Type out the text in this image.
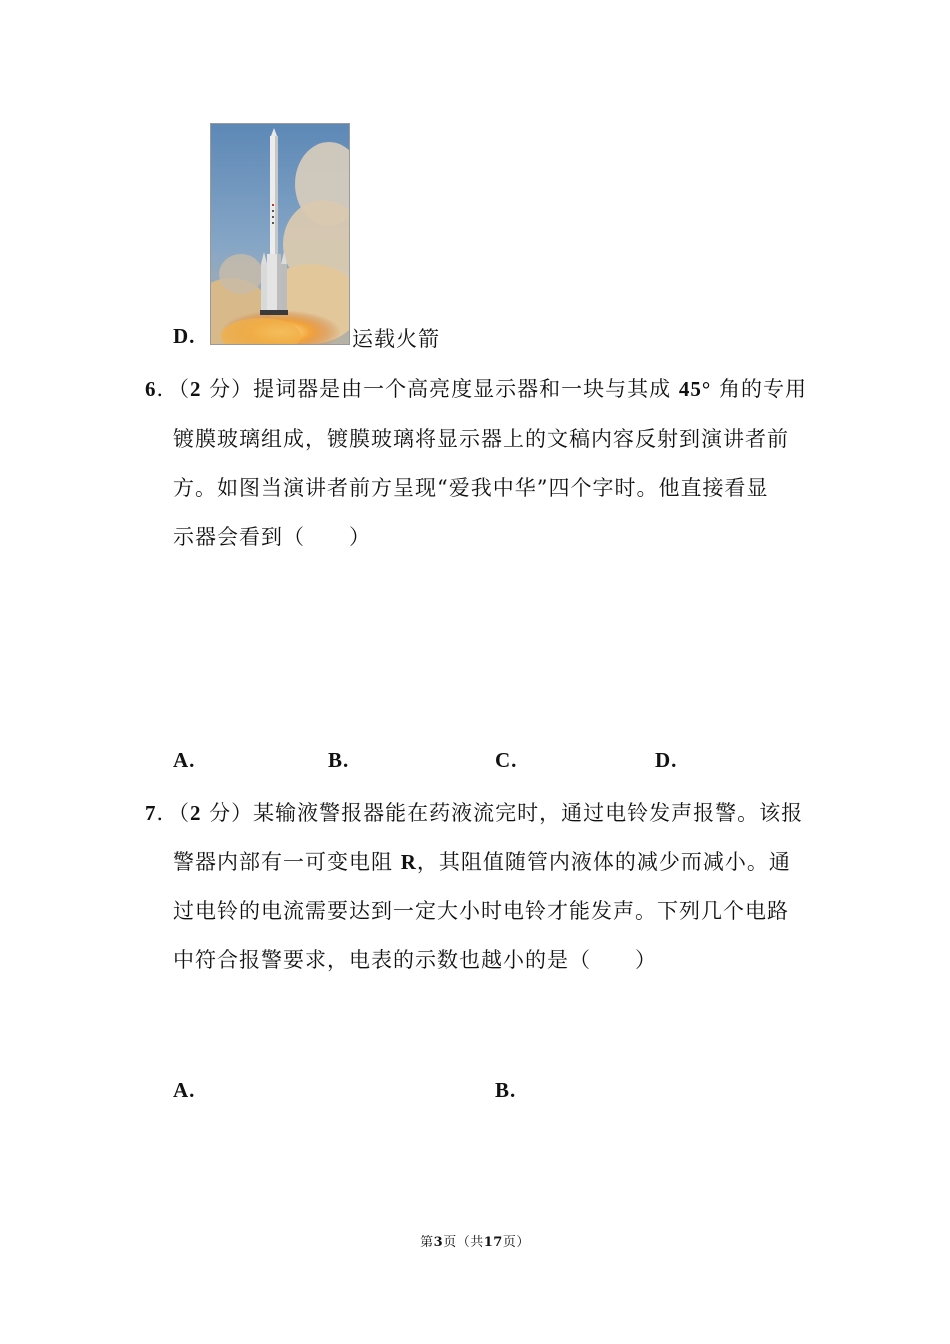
D.	运载火箭
6．（2 分）提词器是由一个高亮度显示器和一块与其成 45° 角的专用
镀膜玻璃组成，镀膜玻璃将显示器上的文稿内容反射到演讲者前
方。如图当演讲者前方呈现“爱我中华”四个字时。他直接看显
示器会看到（　　）
A.	B.	C.	D.
7．（2 分）某输液警报器能在药液流完时，通过电铃发声报警。该报
警器内部有一可变电阻 R，其阻值随管内液体的减少而减小。通
过电铃的电流需要达到一定大小时电铃才能发声。下列几个电路
中符合报警要求，电表的示数也越小的是（　　）
A.	B.
第3页（共17页）
